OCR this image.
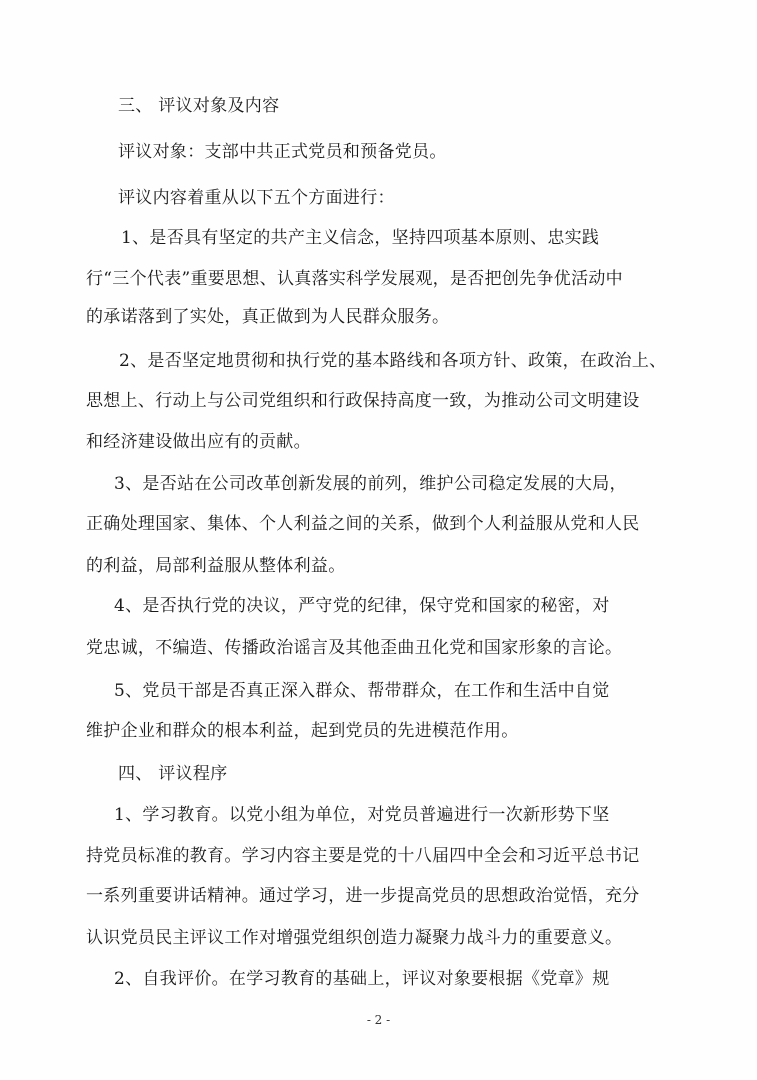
三、 评议对象及内容
评议对象：支部中共正式党员和预备党员。
评议内容着重从以下五个方面进行：
1、是否具有坚定的共产主义信念，坚持四项基本原则、忠实践
行“三个代表”重要思想、认真落实科学发展观，是否把创先争优活动中
的承诺落到了实处，真正做到为人民群众服务。
2、是否坚定地贯彻和执行党的基本路线和各项方针、政策，在政治上、
思想上、行动上与公司党组织和行政保持高度一致，为推动公司文明建设
和经济建设做出应有的贡献。
3、是否站在公司改革创新发展的前列，维护公司稳定发展的大局，
正确处理国家、集体、个人利益之间的关系，做到个人利益服从党和人民
的利益，局部利益服从整体利益。
4、是否执行党的决议，严守党的纪律，保守党和国家的秘密，对
党忠诚，不编造、传播政治谣言及其他歪曲丑化党和国家形象的言论。
5、党员干部是否真正深入群众、帮带群众，在工作和生活中自觉
维护企业和群众的根本利益，起到党员的先进模范作用。
四、 评议程序
1、学习教育。以党小组为单位，对党员普遍进行一次新形势下坚
持党员标准的教育。学习内容主要是党的十八届四中全会和习近平总书记
一系列重要讲话精神。通过学习，进一步提高党员的思想政治觉悟，充分
认识党员民主评议工作对增强党组织创造力凝聚力战斗力的重要意义。
2、自我评价。在学习教育的基础上，评议对象要根据《党章》规
- 2 -
